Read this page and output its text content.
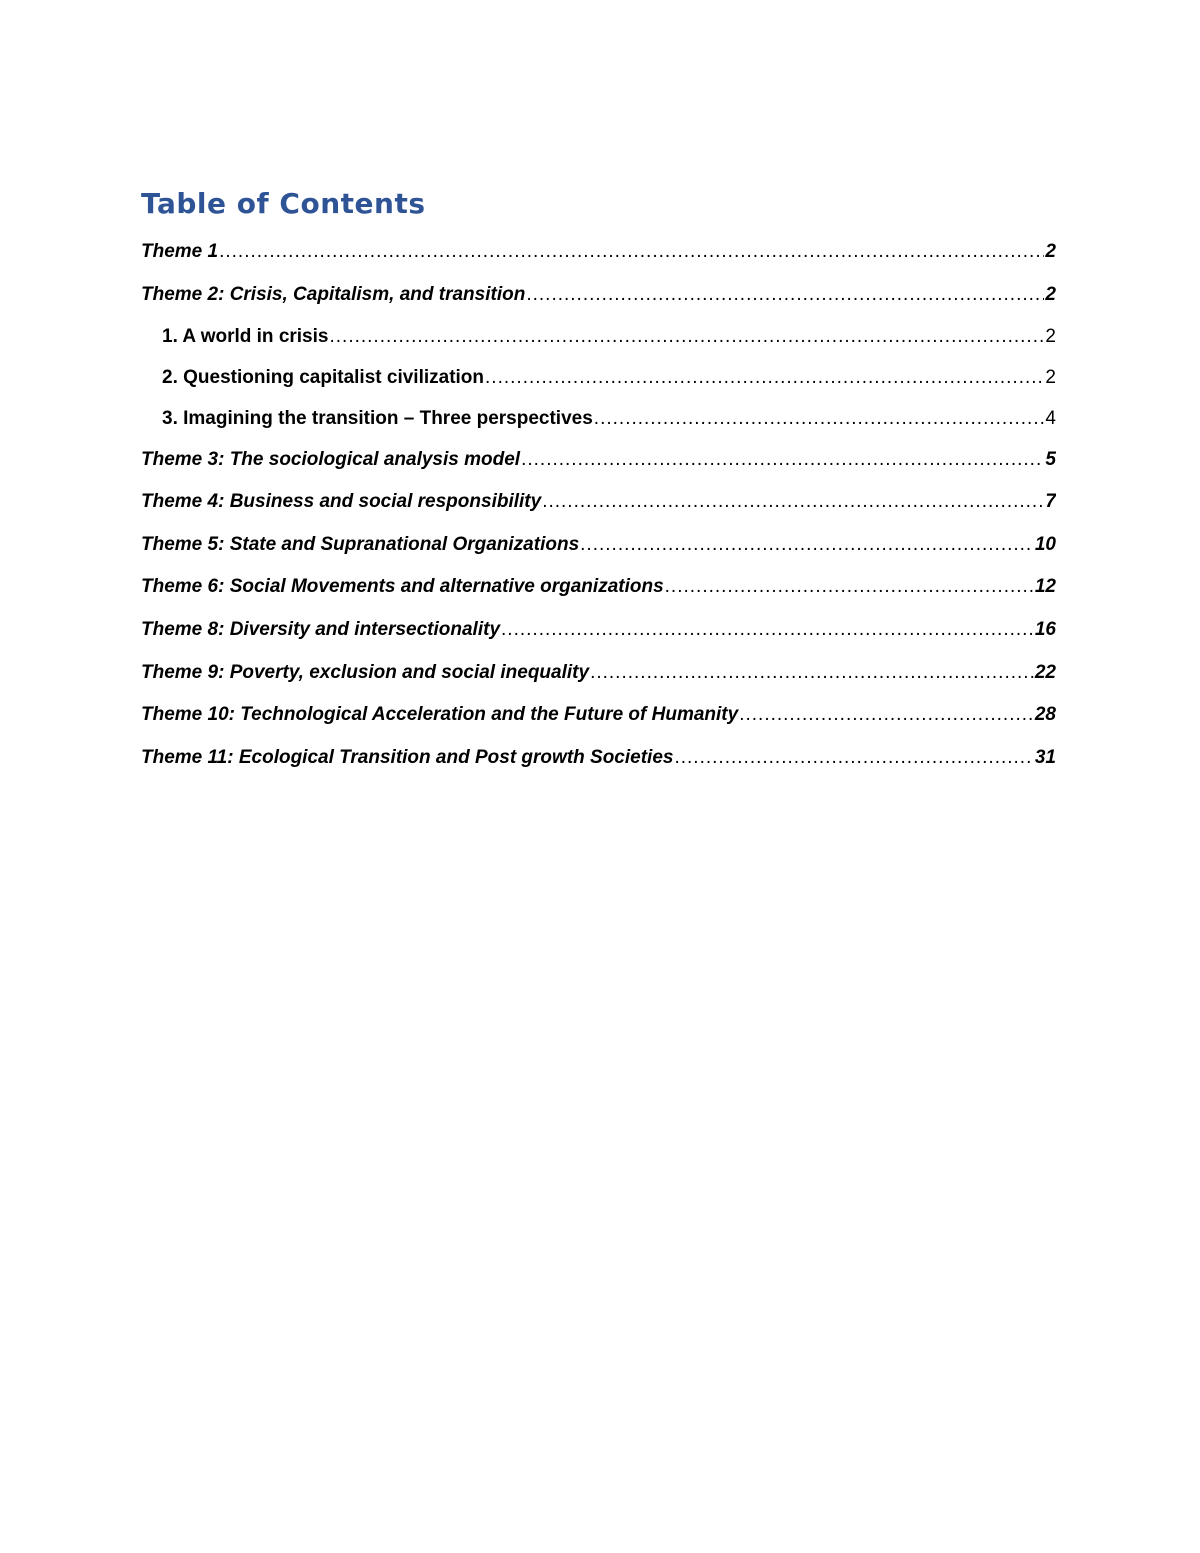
Table of Contents
Theme 1 .....	2
Theme 2: Crisis, Capitalism, and transition .....	2
1. A world in crisis .....	2
2. Questioning capitalist civilization .....	2
3. Imagining the transition – Three perspectives .....	4
Theme 3: The sociological analysis model .....	5
Theme 4: Business and social responsibility .....	7
Theme 5: State and Supranational Organizations .....	10
Theme 6: Social Movements and alternative organizations .....	12
Theme 8: Diversity and intersectionality .....	16
Theme 9: Poverty, exclusion and social inequality .....	22
Theme 10: Technological Acceleration and the Future of Humanity .....	28
Theme 11: Ecological Transition and Post growth Societies .....	31
